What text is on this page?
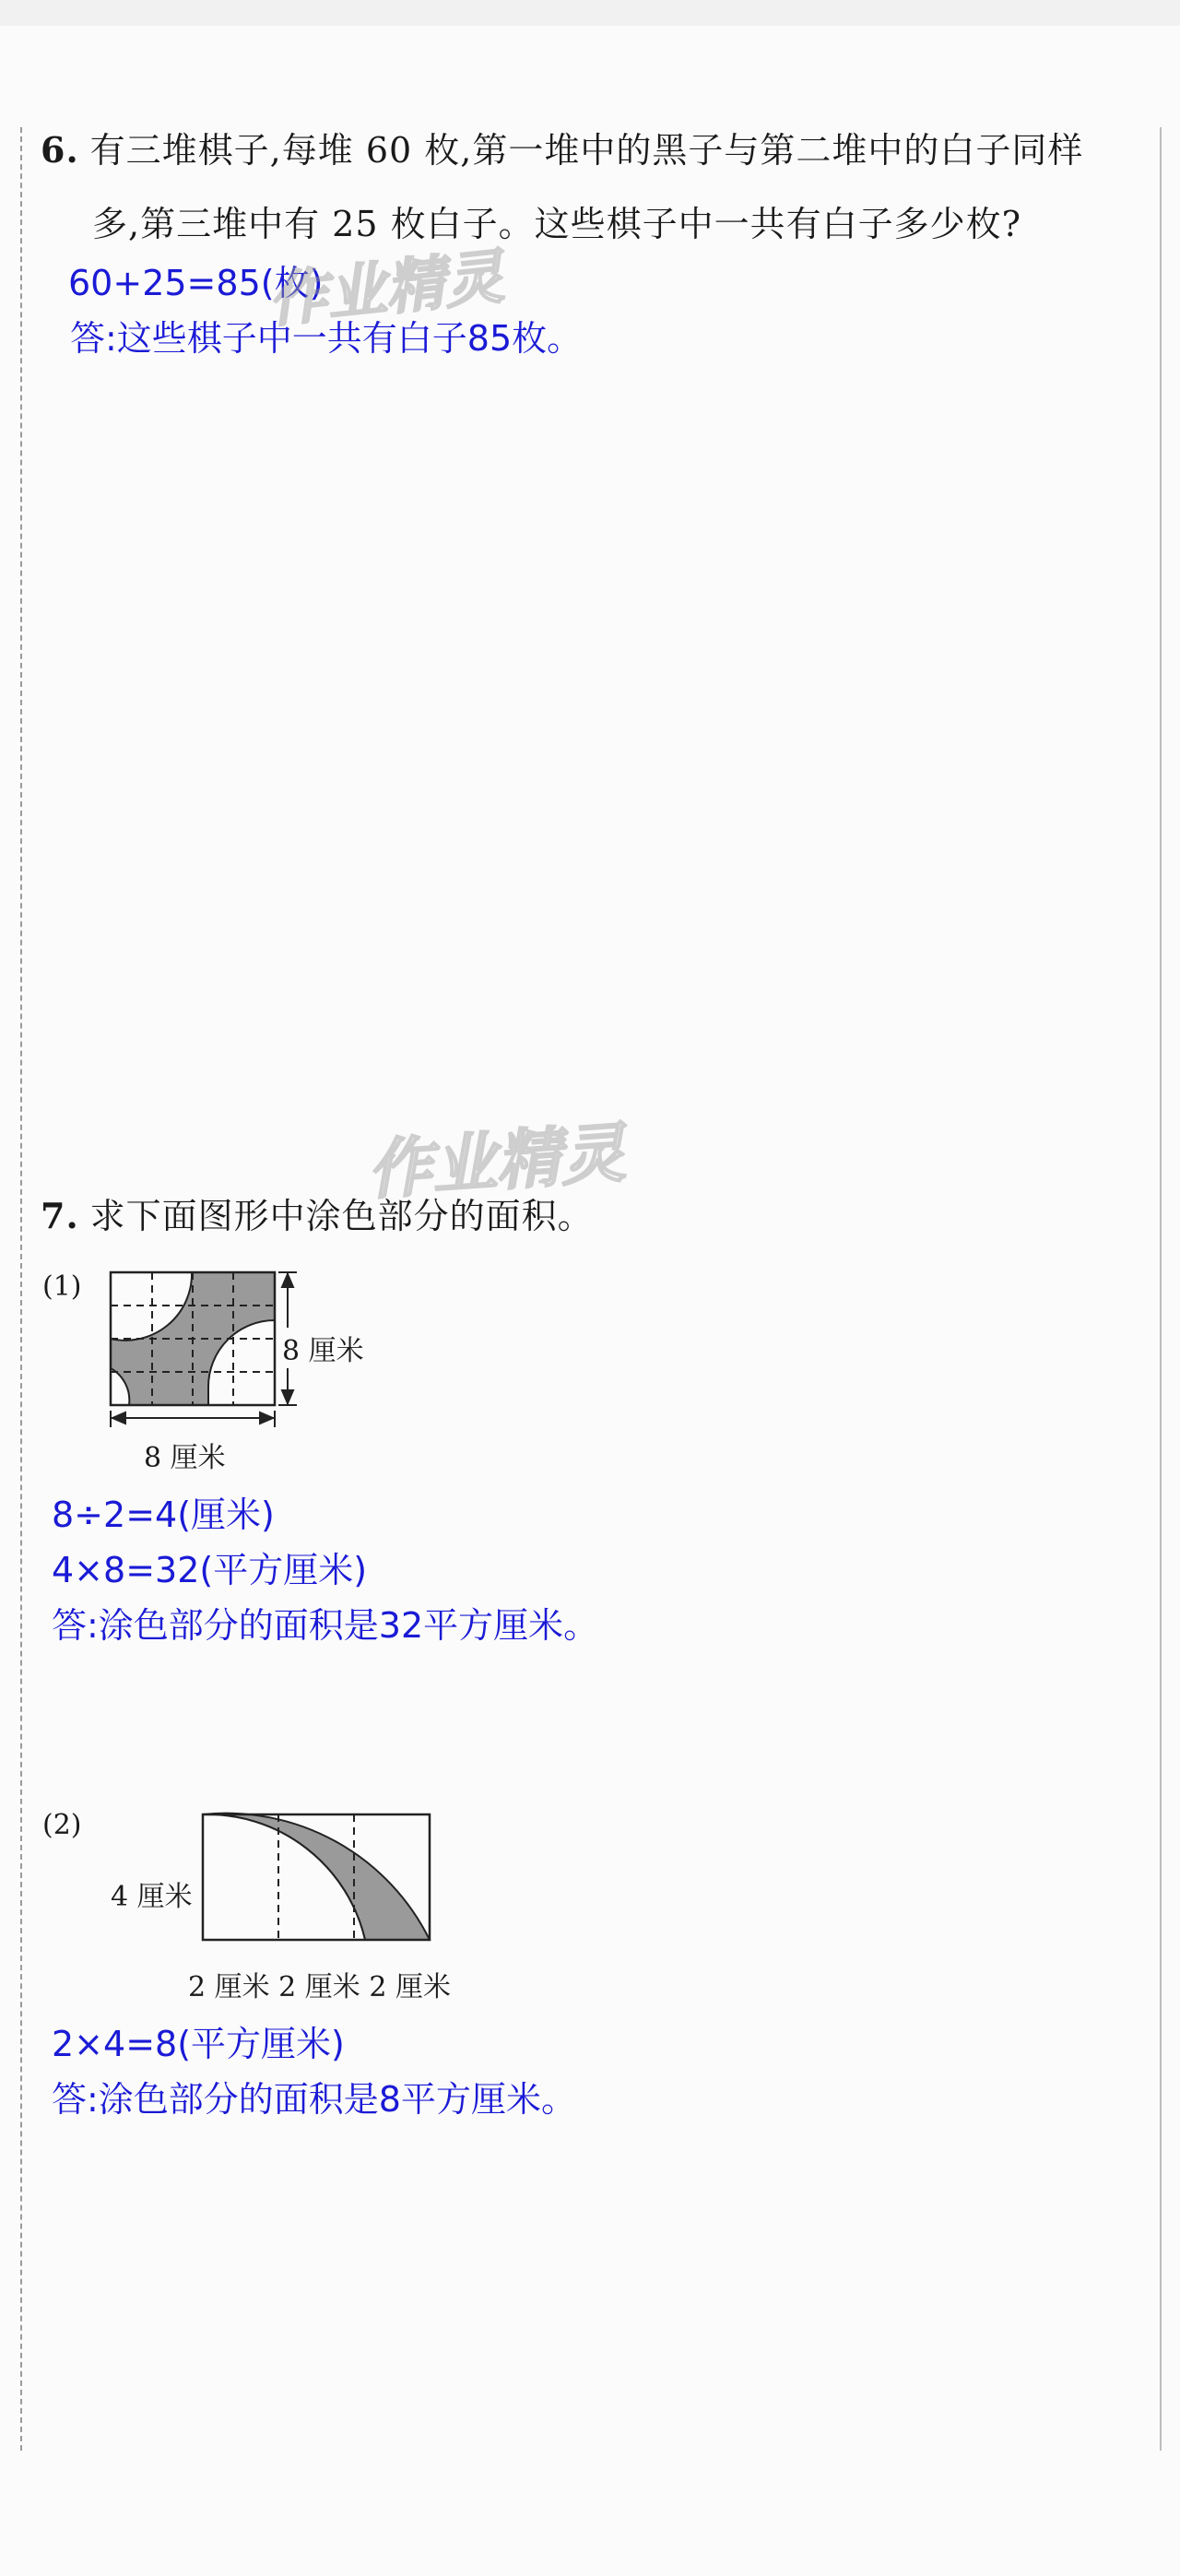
6. 有三堆棋子,每堆 60 枚,第一堆中的黑子与第二堆中的白子同样
多,第三堆中有 25 枚白子。这些棋子中一共有白子多少枚?
60+25=85(枚)
答:这些棋子中一共有白子85枚。
作业精灵
作业精灵
7. 求下面图形中涂色部分的面积。
(1)
8 厘米
8 厘米
8÷2=4(厘米)
4×8=32(平方厘米)
答:涂色部分的面积是32平方厘米。
(2)
4 厘米
2 厘米 2 厘米 2 厘米
2×4=8(平方厘米)
答:涂色部分的面积是8平方厘米。
